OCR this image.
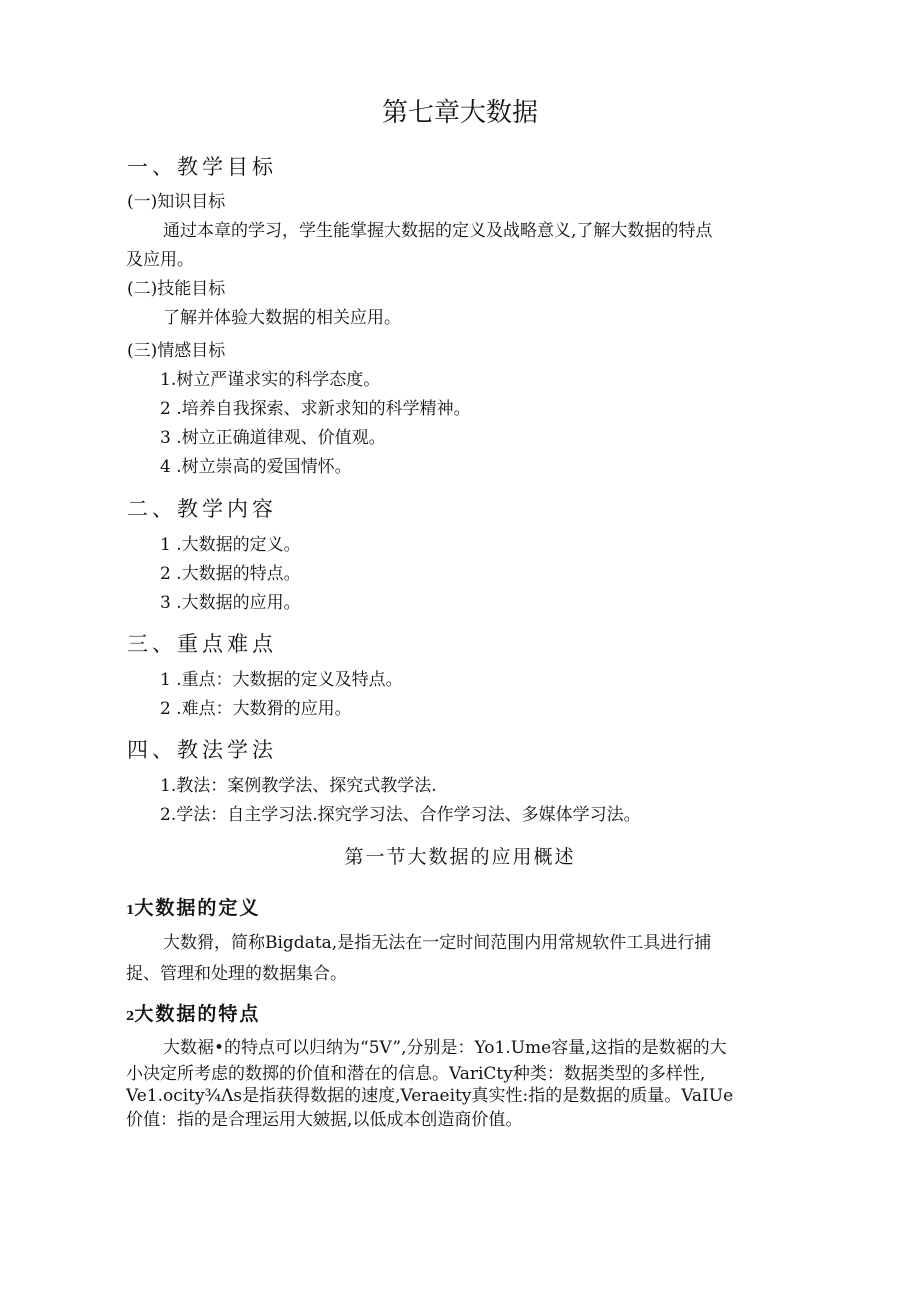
第七章大数据
一、教学目标
(一)知识目标
通过本章的学习，学生能掌握大数据的定义及战略意义,了解大数据的特点
及应用。
(二)技能目标
了解并体验大数据的相关应用。
(三)情感目标
1.树立严谨求实的科学态度。
2 .培养自我探索、求新求知的科学精神。
3 .树立正确道律观、价值观。
4 .树立崇高的爱国情怀。
二、教学内容
1 .大数据的定义。
2 .大数据的特点。
3 .大数据的应用。
三、重点难点
1 .重点：大数据的定义及特点。
2 .难点：大数猾的应用。
四、教法学法
1.教法：案例教学法、探究式教学法.
2.学法：自主学习法.探究学习法、合作学习法、多媒体学习法。
第一节大数据的应用概述
1大数据的定义
大数猾，简称Bigdata,是指无法在一定时间范围内用常规软件工具进行捕
捉、管理和处理的数据集合。
2大数据的特点
大数裾•的特点可以归纳为“5V”,分别是：Yo1.Ume容量,这指的是数裾的大
小决定所考虑的数掷的价值和潜在的信息。VariCty种类：数据类型的多样性,
Ve1.ocity¾Λs是指获得数据的速度,Veraeity真实性:指的是数据的质量。VaIUe
价值：指的是合理运用大皴据,以低成本创造商价值。
